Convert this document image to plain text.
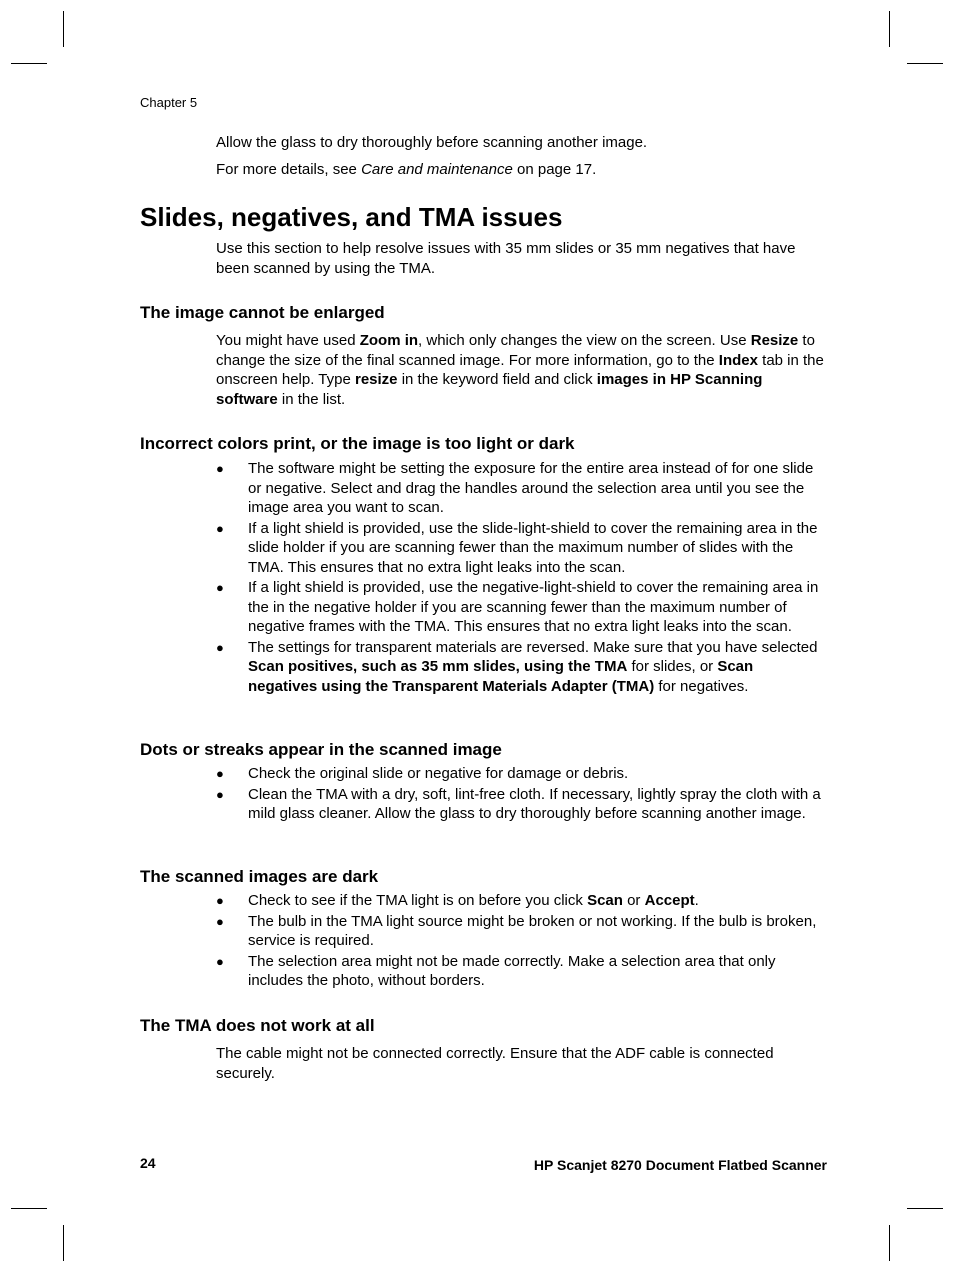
Chapter 5

Allow the glass to dry thoroughly before scanning another image.

For more details, see Care and maintenance on page 17.

Slides, negatives, and TMA issues

Use this section to help resolve issues with 35 mm slides or 35 mm negatives that have been scanned by using the TMA.

The image cannot be enlarged

You might have used Zoom in, which only changes the view on the screen. Use Resize to change the size of the final scanned image. For more information, go to the Index tab in the onscreen help. Type resize in the keyword field and click images in HP Scanning software in the list.

Incorrect colors print, or the image is too light or dark
● The software might be setting the exposure for the entire area instead of for one slide or negative. Select and drag the handles around the selection area until you see the image area you want to scan.
● If a light shield is provided, use the slide-light-shield to cover the remaining area in the slide holder if you are scanning fewer than the maximum number of slides with the TMA. This ensures that no extra light leaks into the scan.
● If a light shield is provided, use the negative-light-shield to cover the remaining area in the in the negative holder if you are scanning fewer than the maximum number of negative frames with the TMA. This ensures that no extra light leaks into the scan.
● The settings for transparent materials are reversed. Make sure that you have selected Scan positives, such as 35 mm slides, using the TMA for slides, or Scan negatives using the Transparent Materials Adapter (TMA) for negatives.
Dots or streaks appear in the scanned image
● Check the original slide or negative for damage or debris.
● Clean the TMA with a dry, soft, lint-free cloth. If necessary, lightly spray the cloth with a mild glass cleaner. Allow the glass to dry thoroughly before scanning another image.
The scanned images are dark
● Check to see if the TMA light is on before you click Scan or Accept.
● The bulb in the TMA light source might be broken or not working. If the bulb is broken, service is required.
● The selection area might not be made correctly. Make a selection area that only includes the photo, without borders.
The TMA does not work at all

The cable might not be connected correctly. Ensure that the ADF cable is connected securely.

24	HP Scanjet 8270 Document Flatbed Scanner
